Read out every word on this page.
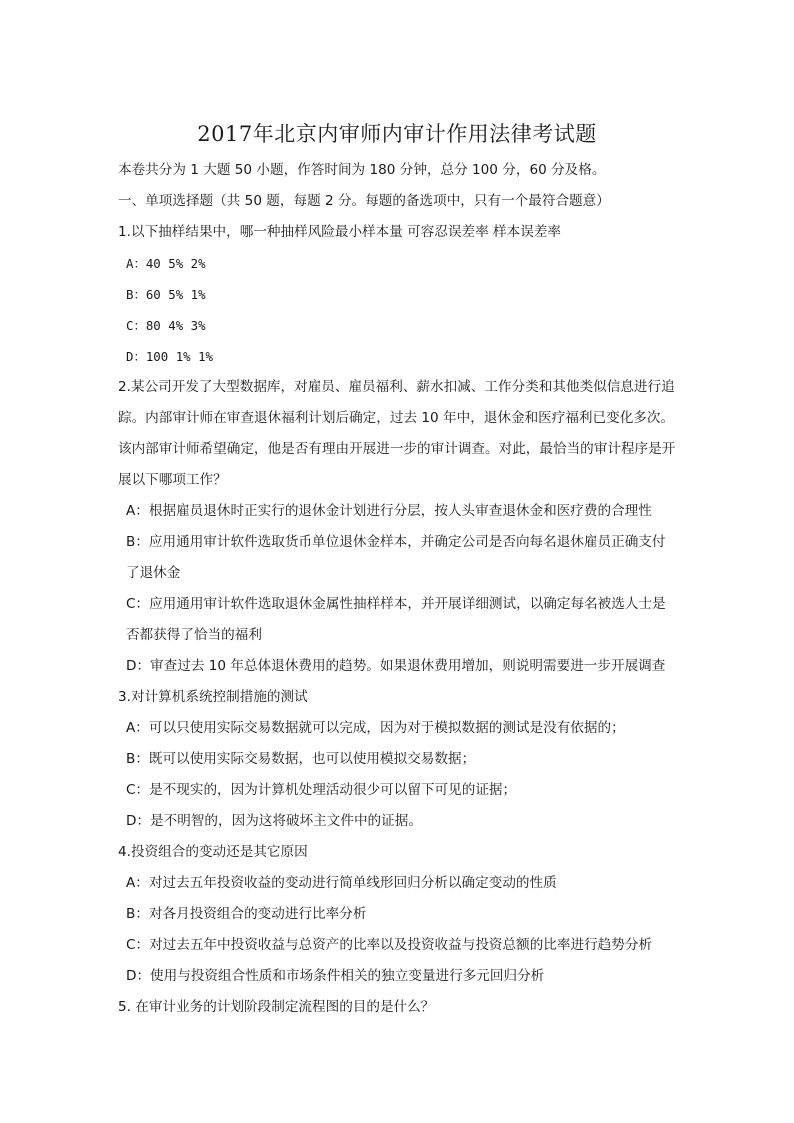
2017年北京内审师内审计作用法律考试题

本卷共分为 1 大题 50 小题，作答时间为 180 分钟，总分 100 分，60 分及格。

一、单项选择题（共 50 题，每题 2 分。每题的备选项中，只有一个最符合题意）

1.以下抽样结果中，哪一种抽样风险最小样本量 可容忍误差率 样本误差率

A：40 5% 2%

B：60 5% 1%

C：80 4% 3%

D：100 1% 1%

2.某公司开发了大型数据库，对雇员、雇员福利、薪水扣减、工作分类和其他类似信息进行追踪。内部审计师在审查退休福利计划后确定，过去 10 年中，退休金和医疗福利已变化多次。该内部审计师希望确定，他是否有理由开展进一步的审计调查。对此，最恰当的审计程序是开展以下哪项工作？

A：根据雇员退休时正实行的退休金计划进行分层，按人头审查退休金和医疗费的合理性

B：应用通用审计软件选取货币单位退休金样本，并确定公司是否向每名退休雇员正确支付了退休金

C：应用通用审计软件选取退休金属性抽样样本，并开展详细测试，以确定每名被选人士是否都获得了恰当的福利

D：审查过去 10 年总体退休费用的趋势。如果退休费用增加，则说明需要进一步开展调查

3.对计算机系统控制措施的测试

A：可以只使用实际交易数据就可以完成，因为对于模拟数据的测试是没有依据的；

B：既可以使用实际交易数据，也可以使用模拟交易数据；

C：是不现实的，因为计算机处理活动很少可以留下可见的证据；

D：是不明智的，因为这将破坏主文件中的证据。

4.投资组合的变动还是其它原因

A：对过去五年投资收益的变动进行简单线形回归分析以确定变动的性质

B：对各月投资组合的变动进行比率分析

C：对过去五年中投资收益与总资产的比率以及投资收益与投资总额的比率进行趋势分析

D：使用与投资组合性质和市场条件相关的独立变量进行多元回归分析

5. 在审计业务的计划阶段制定流程图的目的是什么？
